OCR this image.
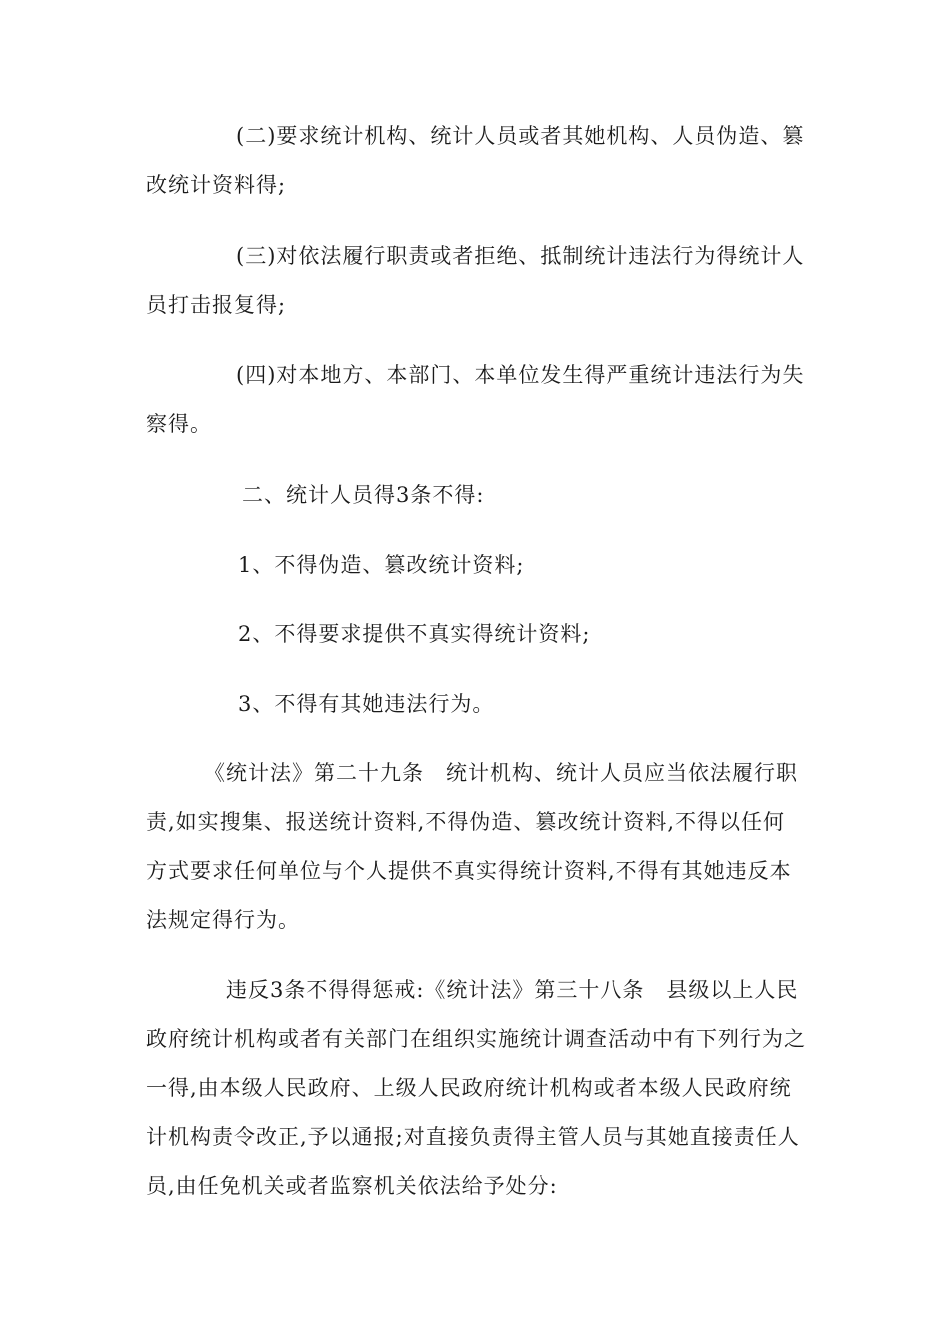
(二)要求统计机构、统计人员或者其她机构、人员伪造、篡改统计资料得;

(三)对依法履行职责或者拒绝、抵制统计违法行为得统计人员打击报复得;

(四)对本地方、本部门、本单位发生得严重统计违法行为失察得。

二、统计人员得3条不得:

1、不得伪造、篡改统计资料;

2、不得要求提供不真实得统计资料;

3、不得有其她违法行为。

《统计法》第二十九条　统计机构、统计人员应当依法履行职责,如实搜集、报送统计资料,不得伪造、篡改统计资料,不得以任何方式要求任何单位与个人提供不真实得统计资料,不得有其她违反本法规定得行为。

违反3条不得得惩戒:《统计法》第三十八条　县级以上人民政府统计机构或者有关部门在组织实施统计调查活动中有下列行为之一得,由本级人民政府、上级人民政府统计机构或者本级人民政府统计机构责令改正,予以通报;对直接负责得主管人员与其她直接责任人员,由任免机关或者监察机关依法给予处分:
